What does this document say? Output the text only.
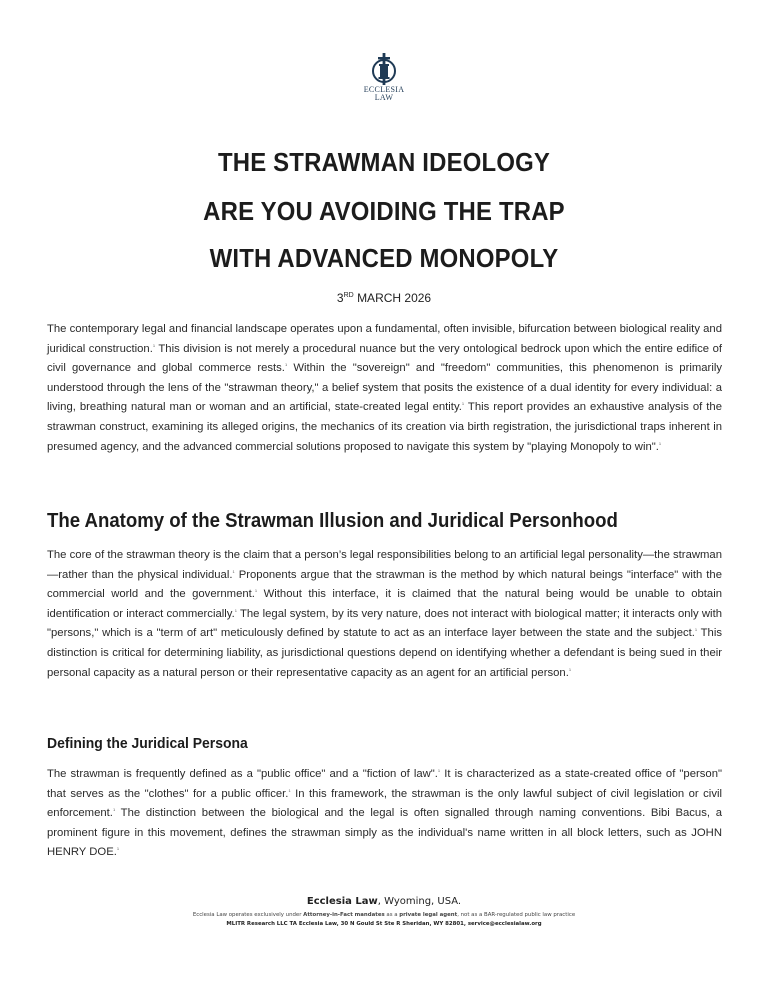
ECCLESIA
LAW
THE STRAWMAN IDEOLOGY
ARE YOU AVOIDING THE TRAP
WITH ADVANCED MONOPOLY
3RD MARCH 2026

The contemporary legal and financial landscape operates upon a fundamental, often invisible, bifurcation between biological reality and juridical construction.$^1$ This division is not merely a procedural nuance but the very ontological bedrock upon which the entire edifice of civil governance and global commerce rests.$^1$ Within the "sovereign" and "freedom" communities, this phenomenon is primarily understood through the lens of the "strawman theory," a belief system that posits the existence of a dual identity for every individual: a living, breathing natural man or woman and an artificial, state-created legal entity.$^1$ This report provides an exhaustive analysis of the strawman construct, examining its alleged origins, the mechanics of its creation via birth registration, the jurisdictional traps inherent in presumed agency, and the advanced commercial solutions proposed to navigate this system by "playing Monopoly to win".$^1$

The Anatomy of the Strawman Illusion and Juridical Personhood

The core of the strawman theory is the claim that a person’s legal responsibilities belong to an artificial legal personality—the strawman—rather than the physical individual.$^1$ Proponents argue that the strawman is the method by which natural beings "interface" with the commercial world and the government.$^1$ Without this interface, it is claimed that the natural being would be unable to obtain identification or interact commercially.$^1$ The legal system, by its very nature, does not interact with biological matter; it interacts only with "persons," which is a "term of art" meticulously defined by statute to act as an interface layer between the state and the subject.$^1$ This distinction is critical for determining liability, as jurisdictional questions depend on identifying whether a defendant is being sued in their personal capacity as a natural person or their representative capacity as an agent for an artificial person.$^1$

Defining the Juridical Persona

The strawman is frequently defined as a "public office" and a "fiction of law".$^1$ It is characterized as a state-created office of "person" that serves as the "clothes" for a public officer.$^1$ In this framework, the strawman is the only lawful subject of civil legislation or civil enforcement.$^1$ The distinction between the biological and the legal is often signalled through naming conventions. Bibi Bacus, a prominent figure in this movement, defines the strawman simply as the individual's name written in all block letters, such as JOHN HENRY DOE.$^1$

Ecclesia Law, Wyoming, USA.
Ecclesia Law operates exclusively under Attorney-in-Fact mandates as a private legal agent, not as a BAR-regulated public law practice
MLITR Research LLC TA Ecclesia Law, 30 N Gould St Ste R Sheridan, WY 82801, service@ecclesialaw.org
